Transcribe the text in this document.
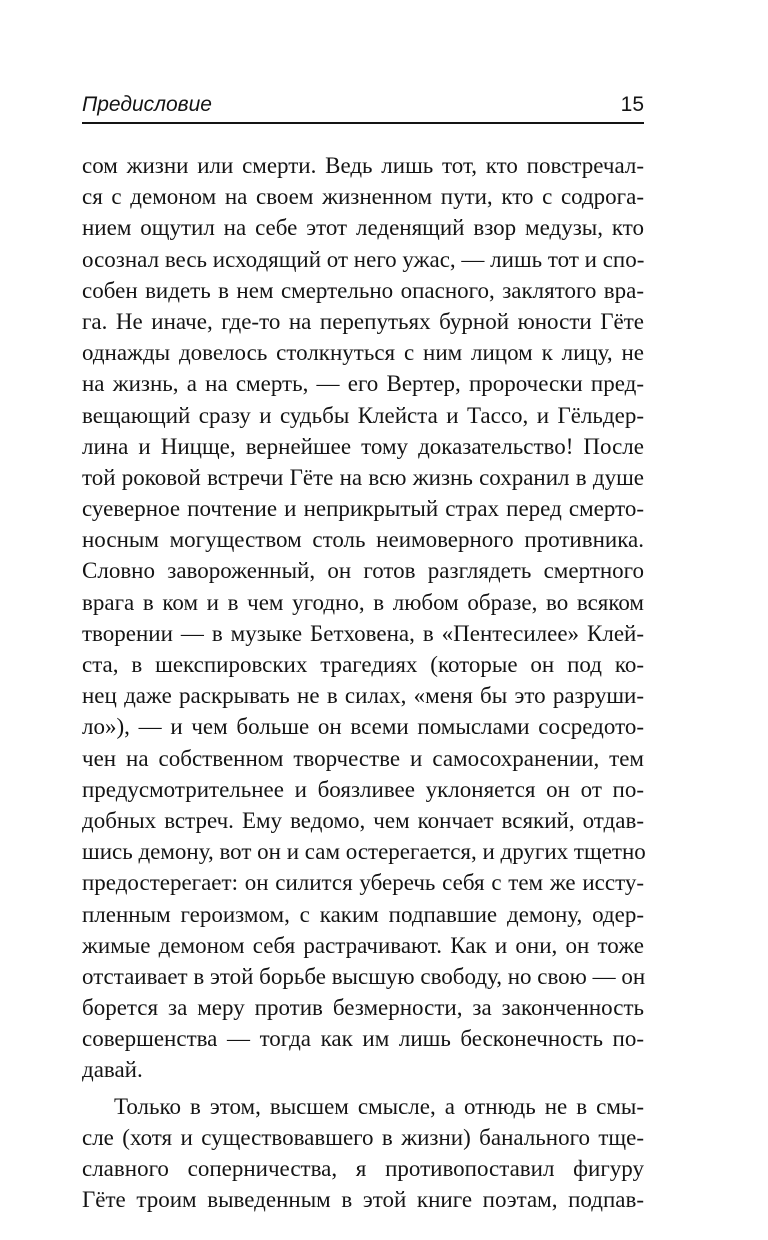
Предисловие	15
сом жизни или смерти. Ведь лишь тот, кто повстречал-
ся с демоном на своем жизненном пути, кто с содрога-
нием ощутил на себе этот леденящий взор медузы, кто
осознал весь исходящий от него ужас, — лишь тот и спо-
собен видеть в нем смертельно опасного, заклятого вра-
га. Не иначе, где-то на перепутьях бурной юности Гёте
однажды довелось столкнуться с ним лицом к лицу, не
на жизнь, а на смерть, — его Вертер, пророчески пред-
вещающий сразу и судьбы Клейста и Тассо, и Гёльдер-
лина и Ницще, вернейшее тому доказательство! После
той роковой встречи Гёте на всю жизнь сохранил в душе
суеверное почтение и неприкрытый страх перед смерто-
носным могуществом столь неимоверного противника.
Словно завороженный, он готов разглядеть смертного
врага в ком и в чем угодно, в любом образе, во всяком
творении — в музыке Бетховена, в «Пентесилее» Клей-
ста, в шекспировских трагедиях (которые он под ко-
нец даже раскрывать не в силах, «меня бы это разруши-
ло»), — и чем больше он всеми помыслами сосредото-
чен на собственном творчестве и самосохранении, тем
предусмотрительнее и боязливее уклоняется он от по-
добных встреч. Ему ведомо, чем кончает всякий, отдав-
шись демону, вот он и сам остерегается, и других тщетно
предостерегает: он силится уберечь себя с тем же иссту-
пленным героизмом, с каким подпавшие демону, одер-
жимые демоном себя растрачивают. Как и они, он тоже
отстаивает в этой борьбе высшую свободу, но свою — он
борется за меру против безмерности, за законченность
совершенства — тогда как им лишь бесконечность по-
давай.
Только в этом, высшем смысле, а отнюдь не в смы-
сле (хотя и существовавшего в жизни) банального тще-
славного соперничества, я противопоставил фигуру
Гёте троим выведенным в этой книге поэтам, подпав-
